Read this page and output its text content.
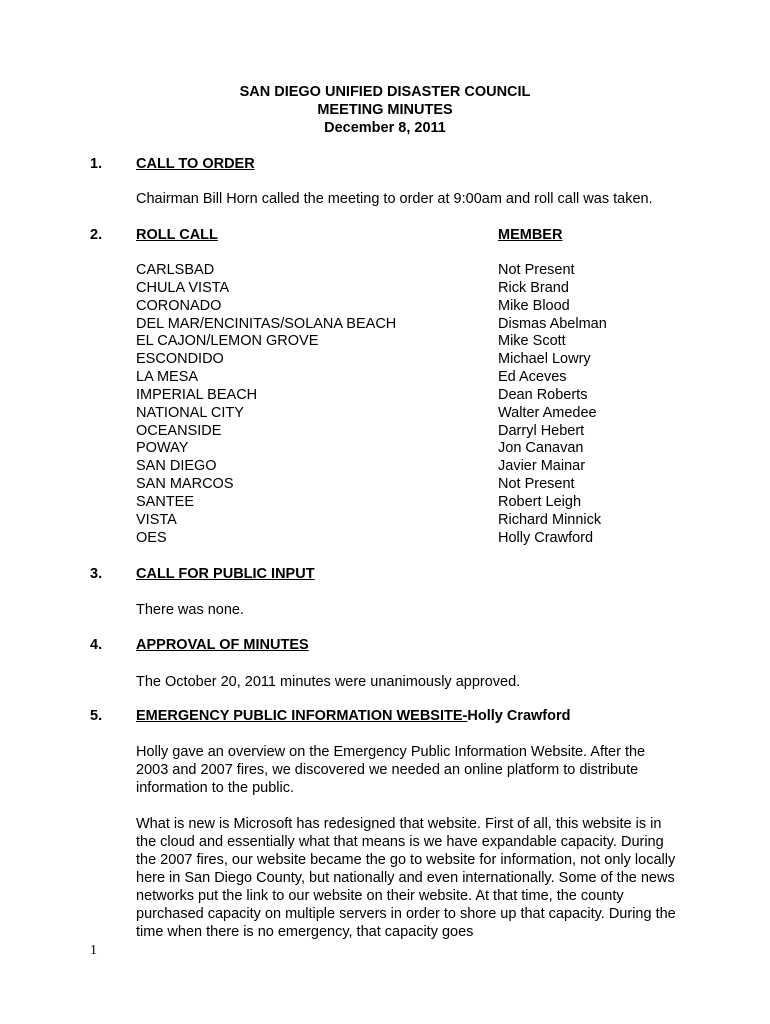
SAN DIEGO UNIFIED DISASTER COUNCIL
MEETING MINUTES
December 8, 2011
1. CALL TO ORDER
Chairman Bill Horn called the meeting to order at 9:00am and roll call was taken.
2. ROLL CALL	MEMBER
CARLSBAD
CHULA VISTA
CORONADO
DEL MAR/ENCINITAS/SOLANA BEACH
EL CAJON/LEMON GROVE
ESCONDIDO
LA MESA
IMPERIAL BEACH
NATIONAL CITY
OCEANSIDE
POWAY
SAN DIEGO
SAN MARCOS
SANTEE
VISTA
OES
Not Present
Rick Brand
Mike Blood
Dismas Abelman
Mike Scott
Michael Lowry
Ed Aceves
Dean Roberts
Walter Amedee
Darryl Hebert
Jon Canavan
Javier Mainar
Not Present
Robert Leigh
Richard Minnick
Holly Crawford
3. CALL FOR PUBLIC INPUT
There was none.
4. APPROVAL OF MINUTES
The October 20, 2011 minutes were unanimously approved.
5. EMERGENCY PUBLIC INFORMATION WEBSITE-Holly Crawford
Holly gave an overview on the Emergency Public Information Website. After the 2003 and 2007 fires, we discovered we needed an online platform to distribute information to the public.
What is new is Microsoft has redesigned that website. First of all, this website is in the cloud and essentially what that means is we have expandable capacity. During the 2007 fires, our website became the go to website for information, not only locally here in San Diego County, but nationally and even internationally. Some of the news networks put the link to our website on their website. At that time, the county purchased capacity on multiple servers in order to shore up that capacity. During the time when there is no emergency, that capacity goes
1
